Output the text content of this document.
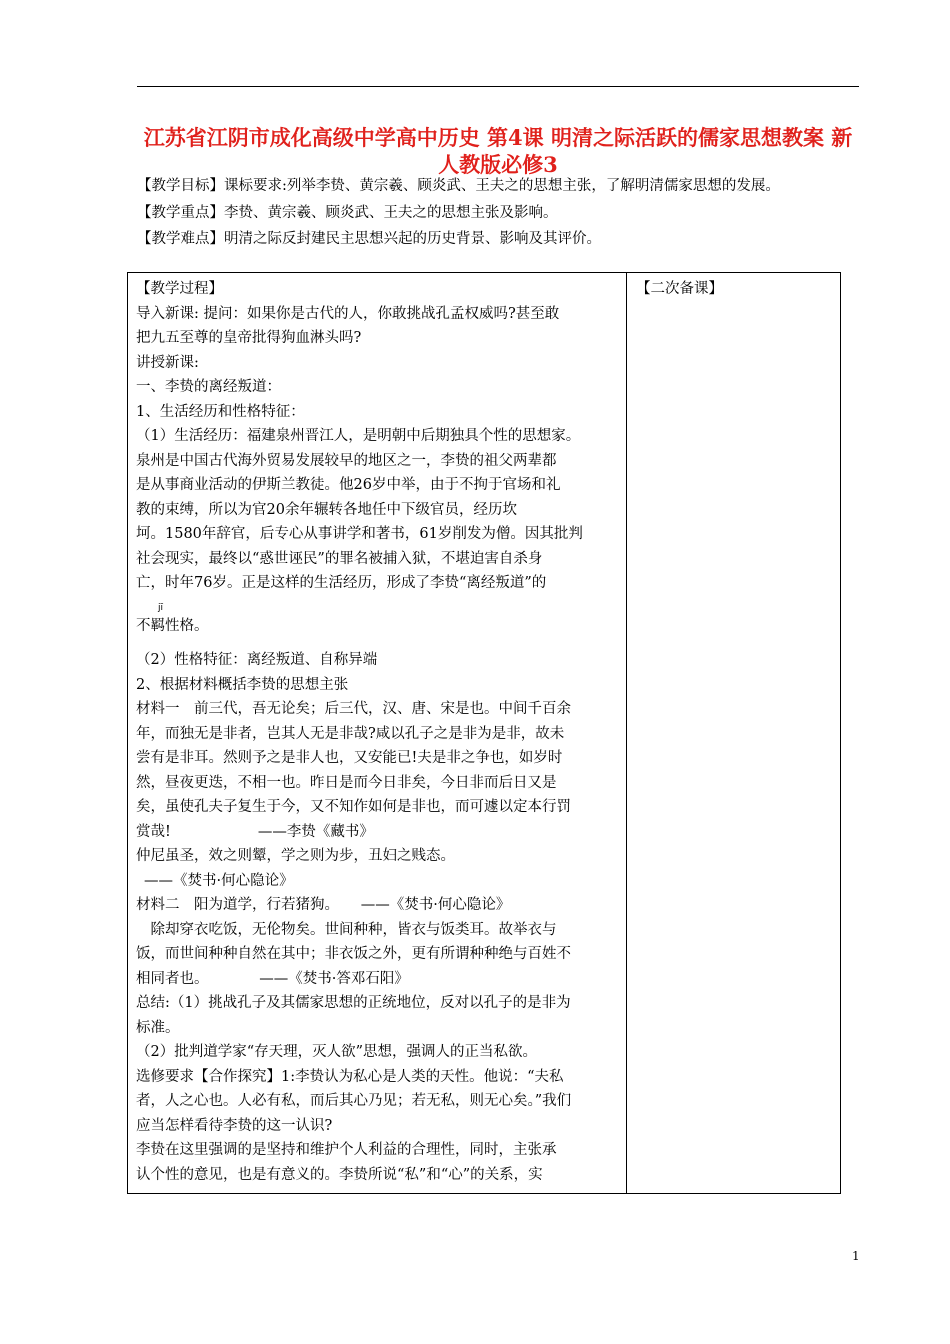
江苏省江阴市成化高级中学高中历史 第4课 明清之际活跃的儒家思想教案 新人教版必修3
【教学目标】课标要求:列举李贽、黄宗羲、顾炎武、王夫之的思想主张，了解明清儒家思想的发展。
【教学重点】李贽、黄宗羲、顾炎武、王夫之的思想主张及影响。
【教学难点】明清之际反封建民主思想兴起的历史背景、影响及其评价。

【教学过程】

导入新课: 提问：如果你是古代的人，你敢挑战孔孟权威吗?甚至敢

把九五至尊的皇帝批得狗血淋头吗?

讲授新课:

一、李贽的离经叛道：

1、生活经历和性格特征：

（1）生活经历：福建泉州晋江人，是明朝中后期独具个性的思想家。

泉州是中国古代海外贸易发展较早的地区之一，李贽的祖父两辈都

是从事商业活动的伊斯兰教徒。他26岁中举，由于不拘于官场和礼

教的束缚，所以为官20余年辗转各地任中下级官员，经历坎

坷。1580年辞官，后专心从事讲学和著书，61岁削发为僧。因其批判

社会现实，最终以“惑世诬民”的罪名被捕入狱，不堪迫害自杀身

亡，时年76岁。正是这样的生活经历，形成了李贽“离经叛道”的

jī

不羁性格。

（2）性格特征：离经叛道、自称异端

2、根据材料概括李贽的思想主张

材料一　前三代，吾无论矣；后三代，汉、唐、宋是也。中间千百余

年，而独无是非者，岂其人无是非哉?咸以孔子之是非为是非，故未

尝有是非耳。然则予之是非人也，又安能已!夫是非之争也，如岁时

然，昼夜更迭，不相一也。昨日是而今日非矣，今日非而后日又是

矣，虽使孔夫子复生于今，又不知作如何是非也，而可遽以定本行罚

赏哉!　　　　　　——李贽《藏书》

仲尼虽圣，效之则颦，学之则为步，丑妇之贱态。

——《焚书·何心隐论》

材料二　阳为道学，行若猪狗。　　——《焚书·何心隐论》

　除却穿衣吃饭，无伦物矣。世间种种，皆衣与饭类耳。故举衣与

饭，而世间种种自然在其中；非衣饭之外，更有所谓种种绝与百姓不

相同者也。　　　　——《焚书·答邓石阳》

总结:（1）挑战孔子及其儒家思想的正统地位，反对以孔子的是非为

标准。

（2）批判道学家“存天理，灭人欲”思想，强调人的正当私欲。

选修要求【合作探究】1:李贽认为私心是人类的天性。他说：“夫私

者，人之心也。人必有私，而后其心乃见；若无私，则无心矣。”我们

应当怎样看待李贽的这一认识?

李贽在这里强调的是坚持和维护个人利益的合理性，同时，主张承

认个性的意见，也是有意义的。李贽所说“私”和“心”的关系，实

【二次备课】
1
